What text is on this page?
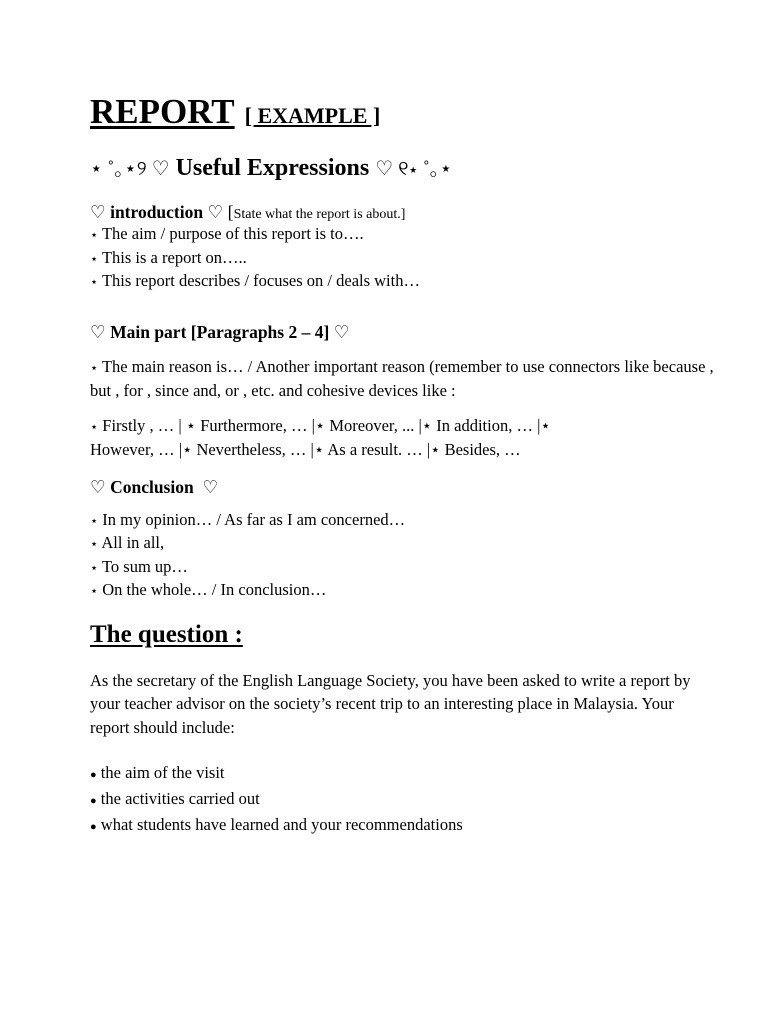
REPORT [ EXAMPLE ]
⋆ ˚｡⋆୨ ♡ Useful Expressions ♡ ୧⋆ ˚｡⋆
♡ introduction ♡ [State what the report is about.]
⋆ The aim / purpose of this report is to….
⋆ This is a report on…..
⋆ This report describes / focuses on / deals with…
♡ Main part [Paragraphs 2 – 4] ♡
⋆ The main reason is… / Another important reason (remember to use connectors like because , but , for , since and, or , etc. and cohesive devices like :
⋆ Firstly , … | ⋆ Furthermore, … |⋆ Moreover, ... |⋆ In addition, … |⋆
However, … |⋆ Nevertheless, … |⋆ As a result. … |⋆ Besides, …
♡ Conclusion ♡
⋆ In my opinion… / As far as I am concerned…
⋆ All in all,
⋆ To sum up…
⋆ On the whole… / In conclusion…
The question :
As the secretary of the English Language Society, you have been asked to write a report by your teacher advisor on the society’s recent trip to an interesting place in Malaysia. Your report should include:
● the aim of the visit
● the activities carried out
● what students have learned and your recommendations
